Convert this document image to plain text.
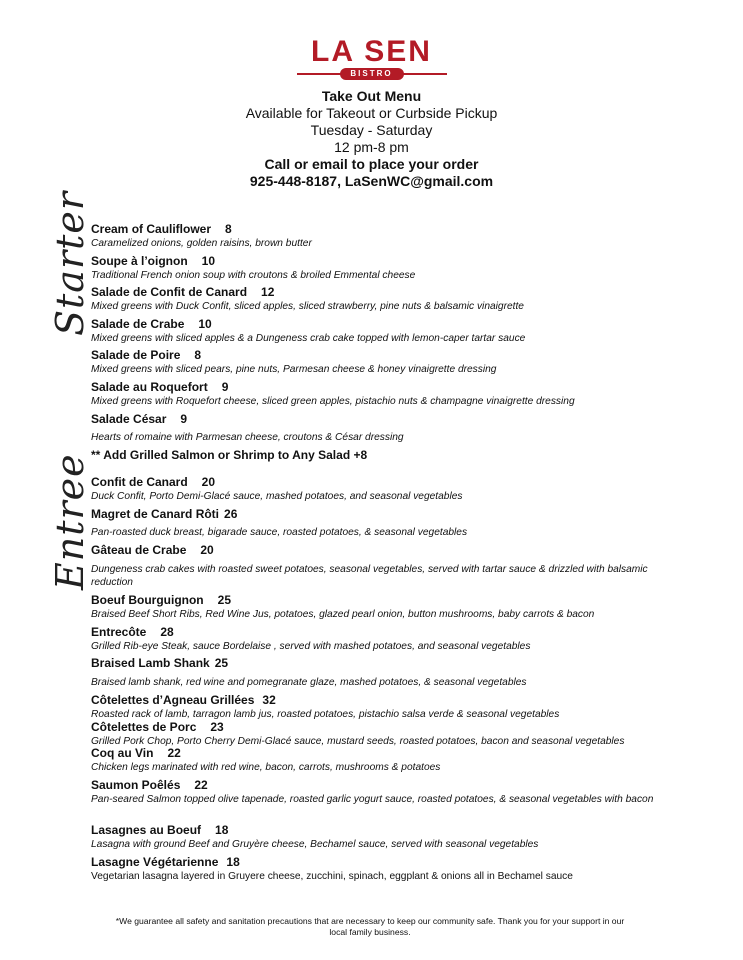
LA SEN
BISTRO
Take Out Menu
Available for Takeout or Curbside Pickup
Tuesday - Saturday
12 pm-8 pm
Call or email to place your order
925-448-8187, LaSenWC@gmail.com
Starter
Entree
Cream of Cauliflower 8
Caramelized onions, golden raisins, brown butter
Soupe à l’oignon 10
Traditional French onion soup with croutons & broiled Emmental cheese
Salade de Confit de Canard 12
Mixed greens with Duck Confit, sliced apples, sliced strawberry, pine nuts & balsamic vinaigrette
Salade de Crabe 10
Mixed greens with sliced apples & a Dungeness crab cake topped with lemon-caper tartar sauce
Salade de Poire 8
Mixed greens with sliced pears, pine nuts, Parmesan cheese & honey vinaigrette dressing
Salade au Roquefort 9
Mixed greens with Roquefort cheese, sliced green apples, pistachio nuts & champagne vinaigrette dressing
Salade César 9
Hearts of romaine with Parmesan cheese, croutons & César dressing
** Add Grilled Salmon or Shrimp to Any Salad +8
Confit de Canard 20
Duck Confit, Porto Demi-Glacé sauce, mashed potatoes, and seasonal vegetables
Magret de Canard Rôti 26
Pan-roasted duck breast, bigarade sauce, roasted potatoes, & seasonal vegetables
Gâteau de Crabe 20
Dungeness crab cakes with roasted sweet potatoes, seasonal vegetables, served with tartar sauce & drizzled with balsamic reduction
Boeuf Bourguignon 25
Braised Beef Short Ribs, Red Wine Jus, potatoes, glazed pearl onion, button mushrooms, baby carrots & bacon
Entrecôte 28
Grilled Rib-eye Steak, sauce Bordelaise , served with mashed potatoes, and seasonal vegetables
Braised Lamb Shank 25
Braised lamb shank, red wine and pomegranate glaze, mashed potatoes, & seasonal vegetables
Côtelettes d’Agneau Grillées 32
Roasted rack of lamb, tarragon lamb jus, roasted potatoes, pistachio salsa verde & seasonal vegetables
Côtelettes de Porc 23
Grilled Pork Chop, Porto Cherry Demi-Glacé sauce, mustard seeds, roasted potatoes, bacon and seasonal vegetables
Coq au Vin 22
Chicken legs marinated with red wine, bacon, carrots, mushrooms & potatoes
Saumon Poêlés 22
Pan-seared Salmon topped olive tapenade, roasted garlic yogurt sauce, roasted potatoes, & seasonal vegetables with bacon
Lasagnes au Boeuf 18
Lasagna with ground Beef and Gruyère cheese, Bechamel sauce, served with seasonal vegetables
Lasagne Végétarienne 18
Vegetarian lasagna layered in Gruyere cheese, zucchini, spinach, eggplant & onions all in Bechamel sauce
*We guarantee all safety and sanitation precautions that are necessary to keep our community safe. Thank you for your support in our local family business.
